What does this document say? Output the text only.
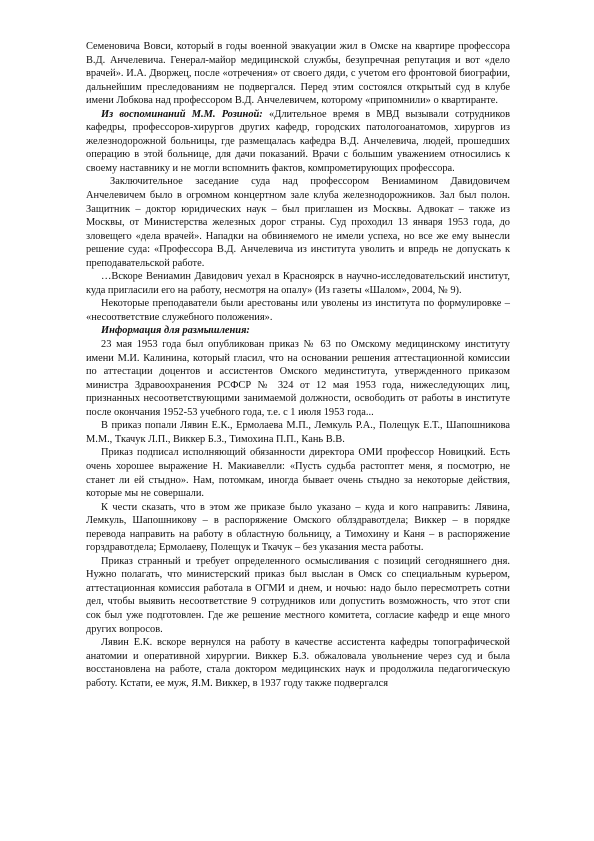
Семеновича Вовси, который в годы военной эвакуации жил в Омске на квартире профессора В.Д. Анчелевича. Генерал-майор медицинской службы, безупречная репутация и вот «дело врачей». И.А. Дворжец, после «отречения» от своего дяди, с учетом его фронтовой биографии, дальнейшим преследованиям не подвергался. Перед этим состоялся открытый суд в клубе имени Лобкова над профессором В.Д. Анчелевичем, которому «припомнили» о квартиранте.

Из воспоминаний М.М. Розиной: «Длительное время в МВД вызывали сотрудников кафедры, профессоров-хирургов других кафедр, городских патологоанатомов, хирургов из железнодорожной больницы, где размещалась кафедра В.Д. Анчелевича, людей, прошедших операцию в этой больнице, для дачи показаний. Врачи с большим уважением относились к своему наставнику и не могли вспомнить фактов, компрометирующих профессора.

Заключительное заседание суда над профессором Вениамином Давидовичем Анчелевичем было в огромном концертном зале клуба железнодорожников. Зал был полон. Защитник – доктор юридических наук – был приглашен из Москвы. Адвокат – также из Москвы, от Министерства железных дорог страны. Суд проходил 13 января 1953 года, до зловещего «дела врачей». Нападки на обвиняемого не имели успеха, но все же ему вынесли решение суда: «Профессора В.Д. Анчелевича из института уволить и впредь не допускать к преподавательской работе.

…Вскоре Вениамин Давидович уехал в Красноярск в научно-исследовательский институт, куда пригласили его на работу, несмотря на опалу» (Из газеты «Шалом», 2004, № 9).

Некоторые преподаватели были арестованы или уволены из института по формулировке – «несоответствие служебного положения».

Информация для размышления:

23 мая 1953 года был опубликован приказ № 63 по Омскому медицинскому институту имени М.И. Калинина, который гласил, что на основании решения аттестационной комиссии по аттестации доцентов и ассистентов Омского мединститута, утвержденного приказом министра Здравоохранения РСФСР № 324 от 12 мая 1953 года, нижеследующих лиц, признанных несоответствующими занимаемой должности, освободить от работы в институте после окончания 1952-53 учебного года, т.е. с 1 июля 1953 года...

В приказ попали Лявин Е.К., Ермолаева М.П., Лемкуль Р.А., Полещук Е.Т., Шапошникова М.М., Ткачук Л.П., Виккер Б.З., Тимохина П.П., Кань В.В.

Приказ подписал исполняющий обязанности директора ОМИ профессор Новицкий. Есть очень хорошее выражение Н. Макиавелли: «Пусть судьба растоптет меня, я посмотрю, не станет ли ей стыдно». Нам, потомкам, иногда бывает очень стыдно за некоторые действия, которые мы не совершали.

К чести сказать, что в этом же приказе было указано – куда и кого направить: Лявина, Лемкуль, Шапошникову – в распоряжение Омского облздравотдела; Виккер – в порядке перевода направить на работу в областную больницу, а Тимохину и Каня – в распоряжение горздравотдела; Ермолаеву, Полещук и Ткачук – без указания места работы.

Приказ странный и требует определенного осмысливания с позиций сегодняшнего дня. Нужно полагать, что министерский приказ был выслан в Омск со специальным курьером, аттестационная комиссия работала в ОГМИ и днем, и ночью: надо было пересмотреть сотни дел, чтобы выявить несоответствие 9 сотрудников или допустить возможность, что этот спи сок был уже подготовлен. Где же решение местного комитета, согласие кафедр и еще много других вопросов.

Лявин Е.К. вскоре вернулся на работу в качестве ассистента кафедры топографической анатомии и оперативной хирургии. Виккер Б.З. обжаловала увольнение через суд и была восстановлена на работе, стала доктором медицинских наук и продолжила педагогическую работу. Кстати, ее муж, Я.М. Виккер, в 1937 году также подвергался
